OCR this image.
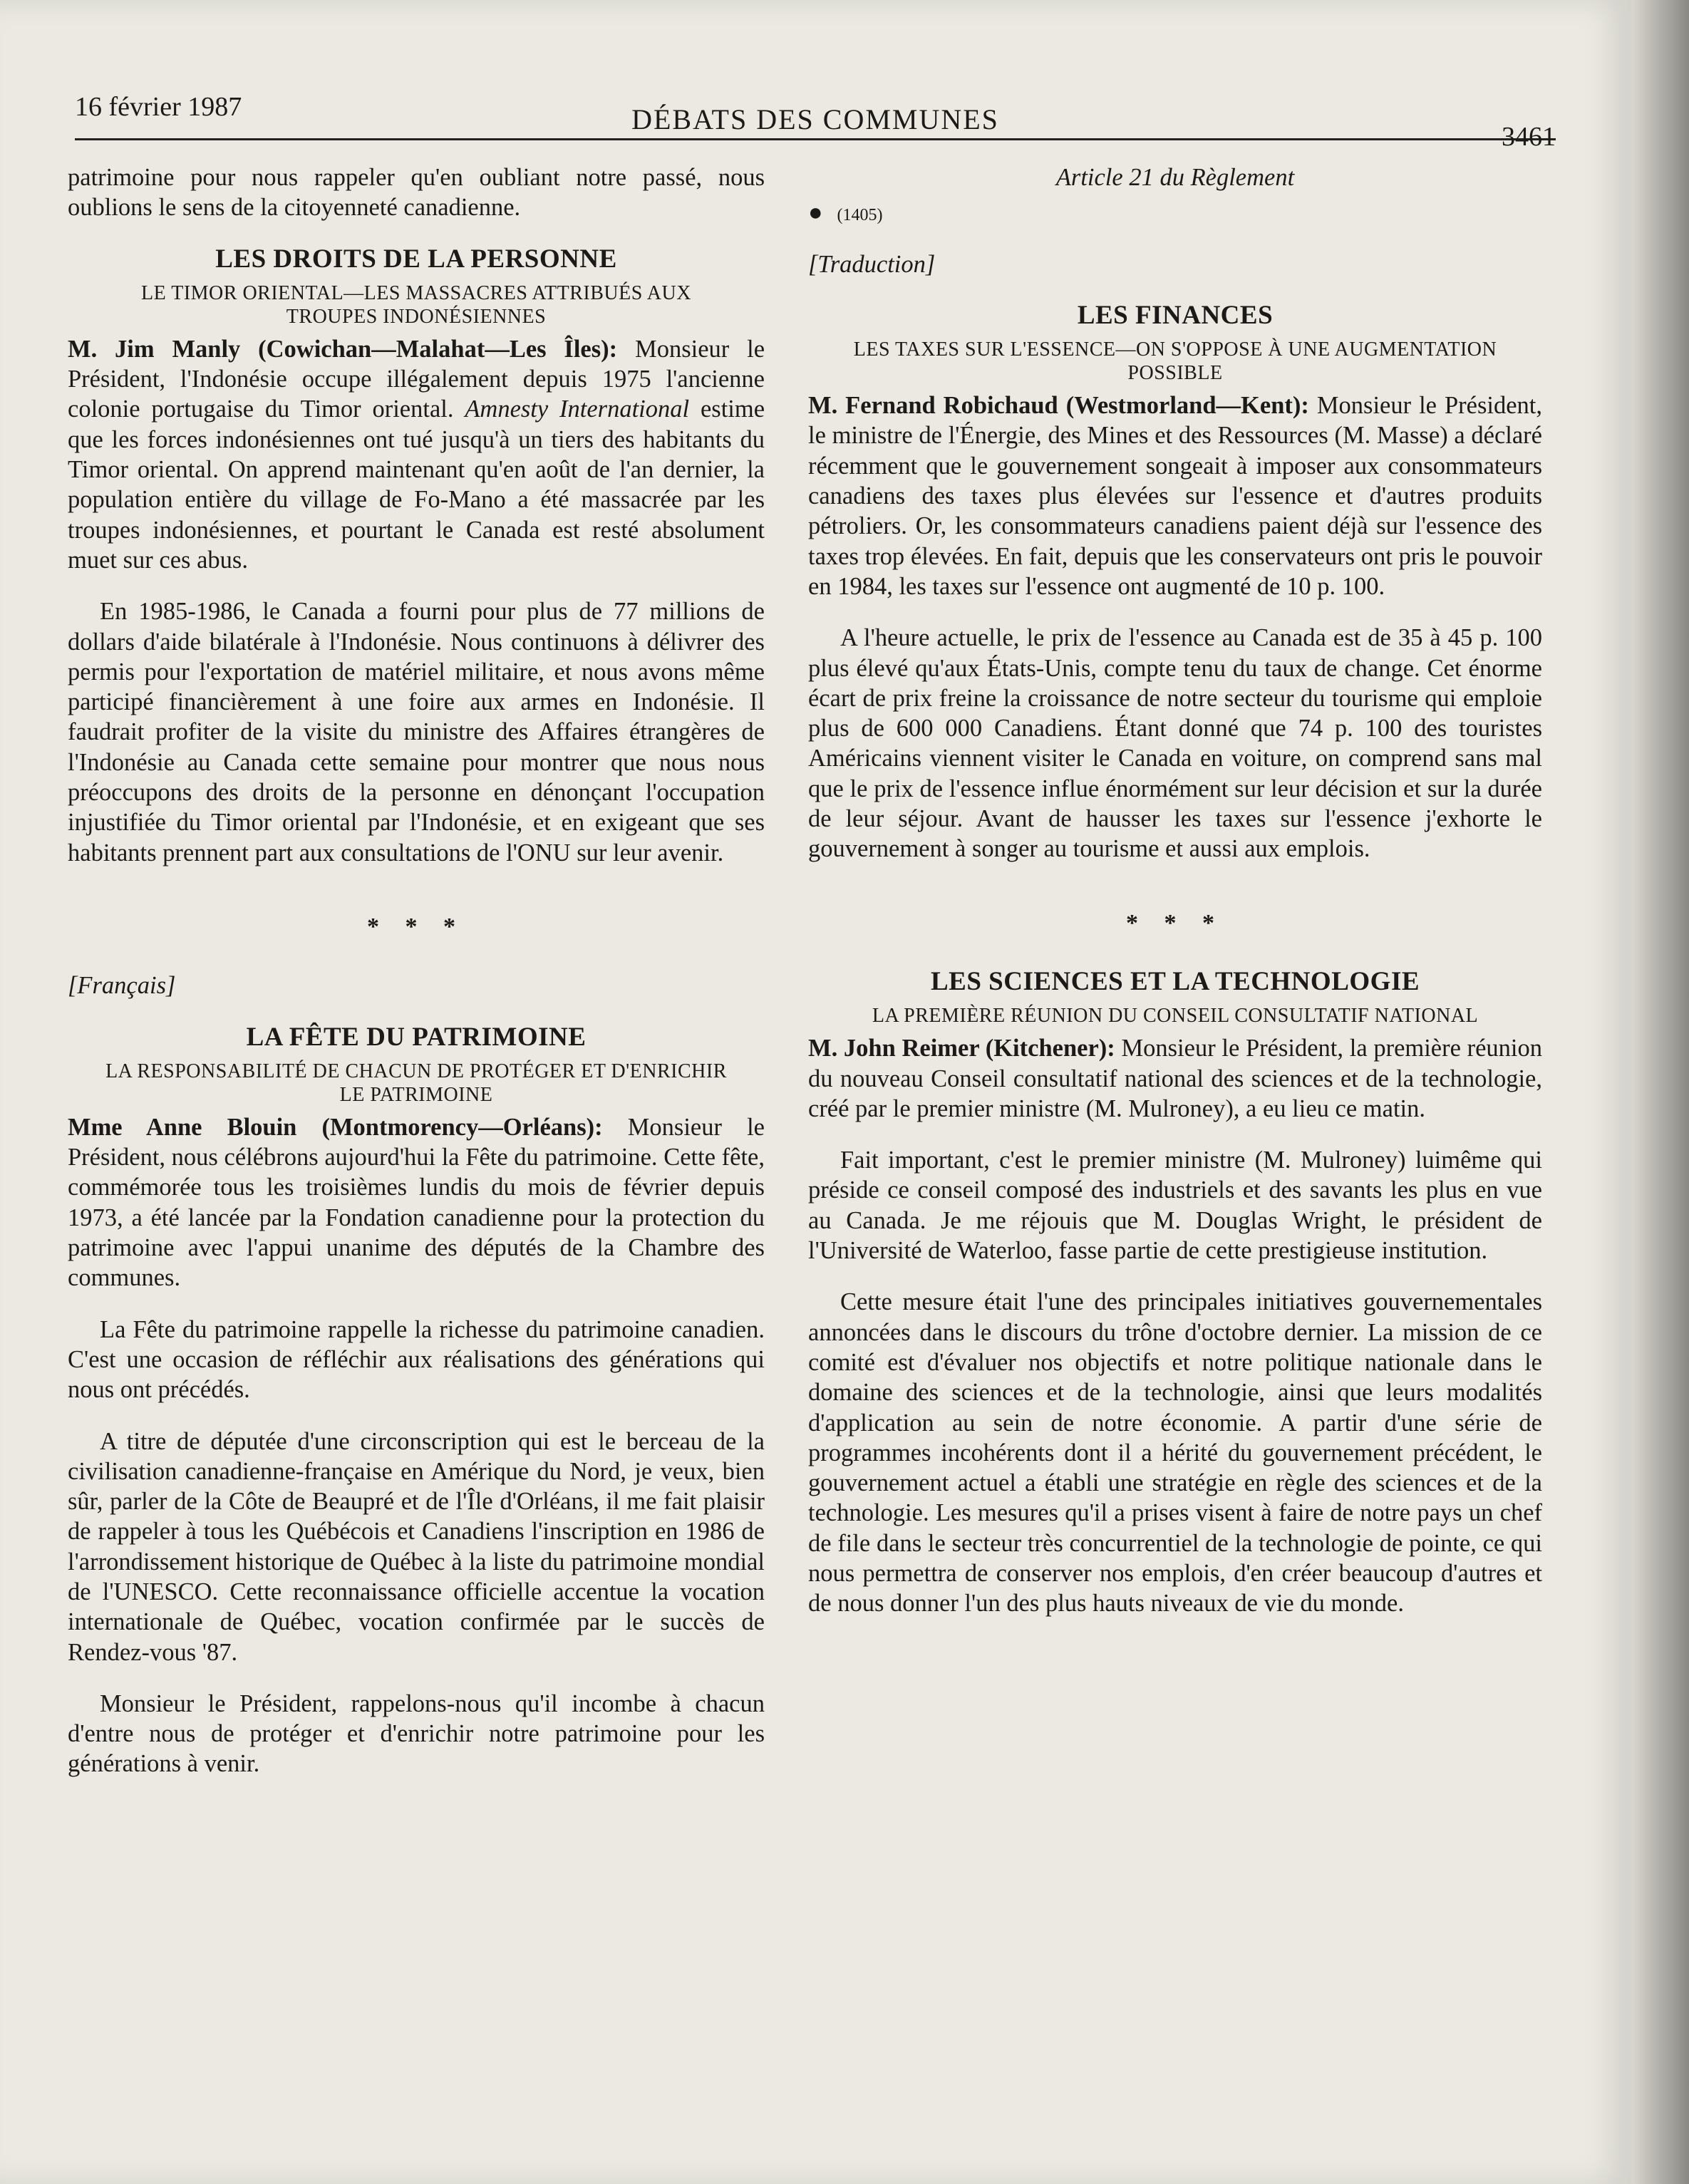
16 février 1987	DÉBATS DES COMMUNES
3461

patrimoine pour nous rappeler qu'en oubliant notre passé, nous oublions le sens de la citoyenneté canadienne.

LES DROITS DE LA PERSONNE
LE TIMOR ORIENTAL—LES MASSACRES ATTRIBUÉS AUX TROUPES INDONÉSIENNES

M. Jim Manly (Cowichan—Malahat—Les Îles): Monsieur le Président, l'Indonésie occupe illégalement depuis 1975 l'ancienne colonie portugaise du Timor oriental. Amnesty International estime que les forces indonésiennes ont tué jusqu'à un tiers des habitants du Timor oriental. On apprend maintenant qu'en août de l'an dernier, la population entière du village de Fo-Mano a été massacrée par les troupes indonésiennes, et pourtant le Canada est resté absolument muet sur ces abus.

En 1985-1986, le Canada a fourni pour plus de 77 millions de dollars d'aide bilatérale à l'Indonésie. Nous continuons à délivrer des permis pour l'exportation de matériel militaire, et nous avons même participé financièrement à une foire aux armes en Indonésie. Il faudrait profiter de la visite du ministre des Affaires étrangères de l'Indonésie au Canada cette semaine pour montrer que nous nous préoccupons des droits de la personne en dénonçant l'occupation injustifiée du Timor oriental par l'Indonésie, et en exigeant que ses habitants prennent part aux consultations de l'ONU sur leur avenir.

* * *
[Français]
LA FÊTE DU PATRIMOINE
LA RESPONSABILITÉ DE CHACUN DE PROTÉGER ET D'ENRICHIR LE PATRIMOINE

Mme Anne Blouin (Montmorency—Orléans): Monsieur le Président, nous célébrons aujourd'hui la Fête du patrimoine. Cette fête, commémorée tous les troisièmes lundis du mois de février depuis 1973, a été lancée par la Fondation canadienne pour la protection du patrimoine avec l'appui unanime des députés de la Chambre des communes.

La Fête du patrimoine rappelle la richesse du patrimoine canadien. C'est une occasion de réfléchir aux réalisations des générations qui nous ont précédés.

A titre de députée d'une circonscription qui est le berceau de la civilisation canadienne-française en Amérique du Nord, je veux, bien sûr, parler de la Côte de Beaupré et de l'Île d'Orléans, il me fait plaisir de rappeler à tous les Québécois et Canadiens l'inscription en 1986 de l'arrondissement historique de Québec à la liste du patrimoine mondial de l'UNESCO. Cette reconnaissance officielle accentue la vocation internationale de Québec, vocation confirmée par le succès de Rendez-vous '87.

Monsieur le Président, rappelons-nous qu'il incombe à chacun d'entre nous de protéger et d'enrichir notre patrimoine pour les générations à venir.

Article 21 du Règlement
● (1405)
[Traduction]
LES FINANCES
LES TAXES SUR L'ESSENCE—ON S'OPPOSE À UNE AUGMENTATION POSSIBLE

M. Fernand Robichaud (Westmorland—Kent): Monsieur le Président, le ministre de l'Énergie, des Mines et des Ressources (M. Masse) a déclaré récemment que le gouvernement songeait à imposer aux consommateurs canadiens des taxes plus élevées sur l'essence et d'autres produits pétroliers. Or, les consommateurs canadiens paient déjà sur l'essence des taxes trop élevées. En fait, depuis que les conservateurs ont pris le pouvoir en 1984, les taxes sur l'essence ont augmenté de 10 p. 100.

A l'heure actuelle, le prix de l'essence au Canada est de 35 à 45 p. 100 plus élevé qu'aux États-Unis, compte tenu du taux de change. Cet énorme écart de prix freine la croissance de notre secteur du tourisme qui emploie plus de 600 000 Canadiens. Étant donné que 74 p. 100 des touristes Américains viennent visiter le Canada en voiture, on comprend sans mal que le prix de l'essence influe énormément sur leur décision et sur la durée de leur séjour. Avant de hausser les taxes sur l'essence j'exhorte le gouvernement à songer au tourisme et aussi aux emplois.

* * *
LES SCIENCES ET LA TECHNOLOGIE
LA PREMIÈRE RÉUNION DU CONSEIL CONSULTATIF NATIONAL

M. John Reimer (Kitchener): Monsieur le Président, la première réunion du nouveau Conseil consultatif national des sciences et de la technologie, créé par le premier ministre (M. Mulroney), a eu lieu ce matin.

Fait important, c'est le premier ministre (M. Mulroney) luimême qui préside ce conseil composé des industriels et des savants les plus en vue au Canada. Je me réjouis que M. Douglas Wright, le président de l'Université de Waterloo, fasse partie de cette prestigieuse institution.

Cette mesure était l'une des principales initiatives gouvernementales annoncées dans le discours du trône d'octobre dernier. La mission de ce comité est d'évaluer nos objectifs et notre politique nationale dans le domaine des sciences et de la technologie, ainsi que leurs modalités d'application au sein de notre économie. A partir d'une série de programmes incohérents dont il a hérité du gouvernement précédent, le gouvernement actuel a établi une stratégie en règle des sciences et de la technologie. Les mesures qu'il a prises visent à faire de notre pays un chef de file dans le secteur très concurrentiel de la technologie de pointe, ce qui nous permettra de conserver nos emplois, d'en créer beaucoup d'autres et de nous donner l'un des plus hauts niveaux de vie du monde.
